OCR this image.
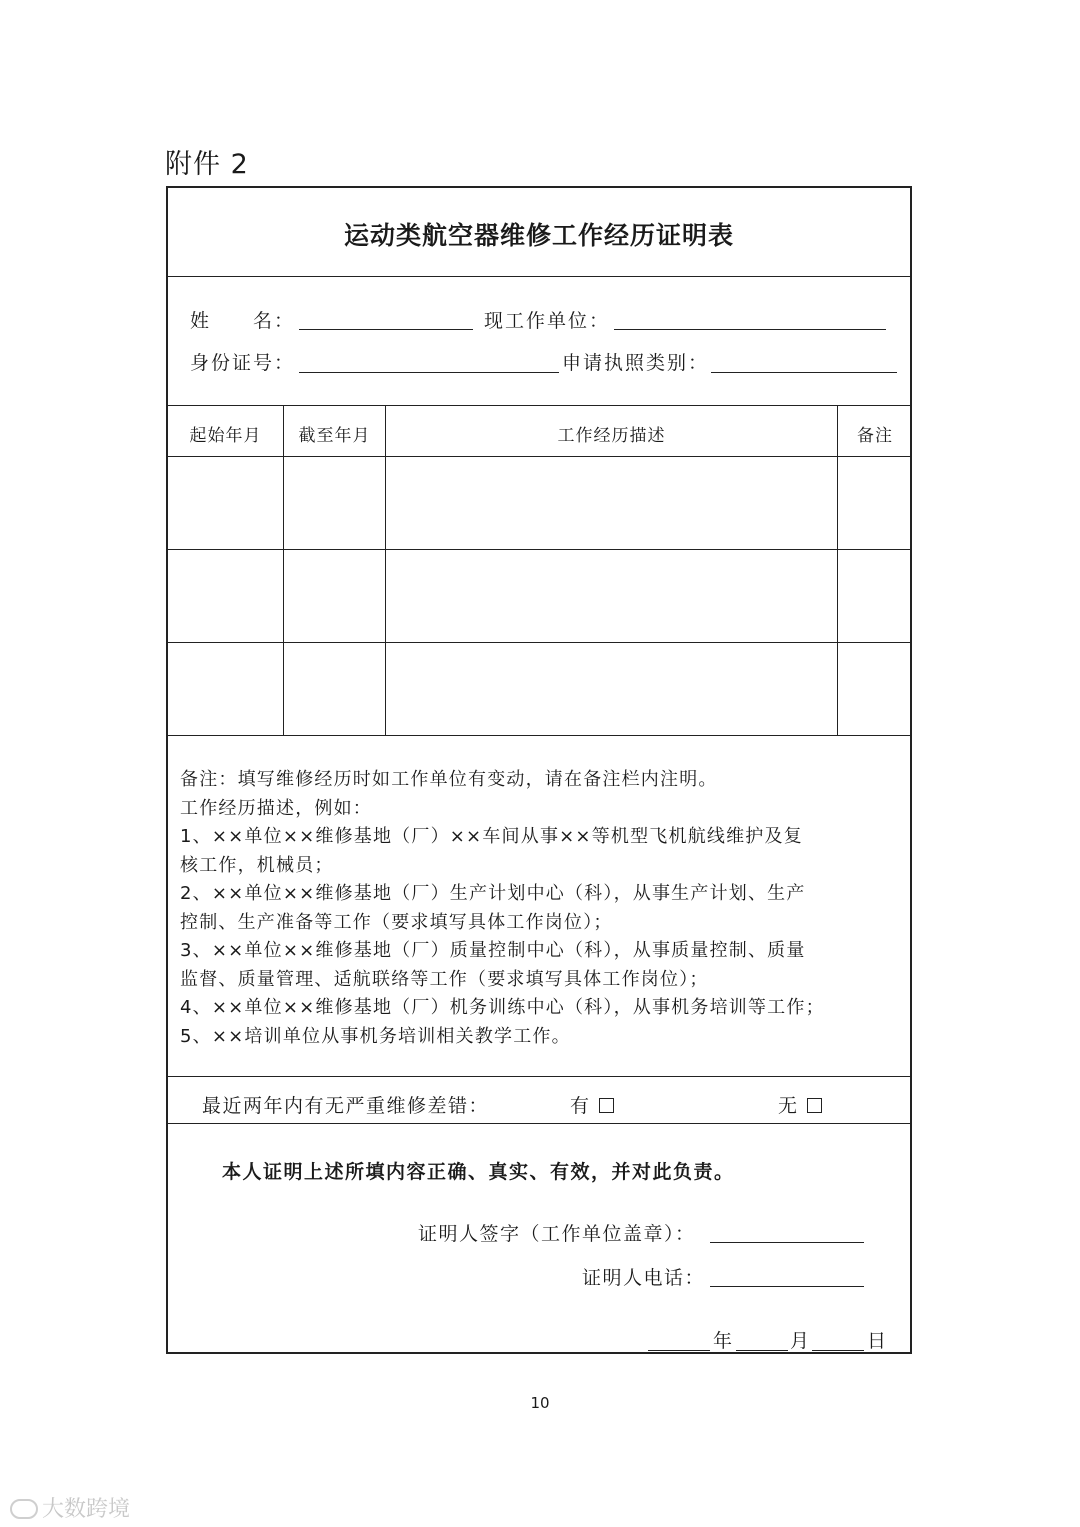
附件 2
运动类航空器维修工作经历证明表
姓　　名：	现工作单位：
身份证号：	申请执照类别：
起始年月	截至年月	工作经历描述	备注
备注：填写维修经历时如工作单位有变动，请在备注栏内注明。
工作经历描述，例如：
1、××单位××维修基地（厂）××车间从事××等机型飞机航线维护及复
核工作，机械员；
2、××单位××维修基地（厂）生产计划中心（科），从事生产计划、生产
控制、生产准备等工作（要求填写具体工作岗位）；
3、××单位××维修基地（厂）质量控制中心（科），从事质量控制、质量
监督、质量管理、适航联络等工作（要求填写具体工作岗位）；
4、××单位××维修基地（厂）机务训练中心（科），从事机务培训等工作；
5、××培训单位从事机务培训相关教学工作。
最近两年内有无严重维修差错：	有	无
本人证明上述所填内容正确、真实、有效，并对此负责。
证明人签字（工作单位盖章）：
证明人电话：
年	月	日
10
大数跨境
